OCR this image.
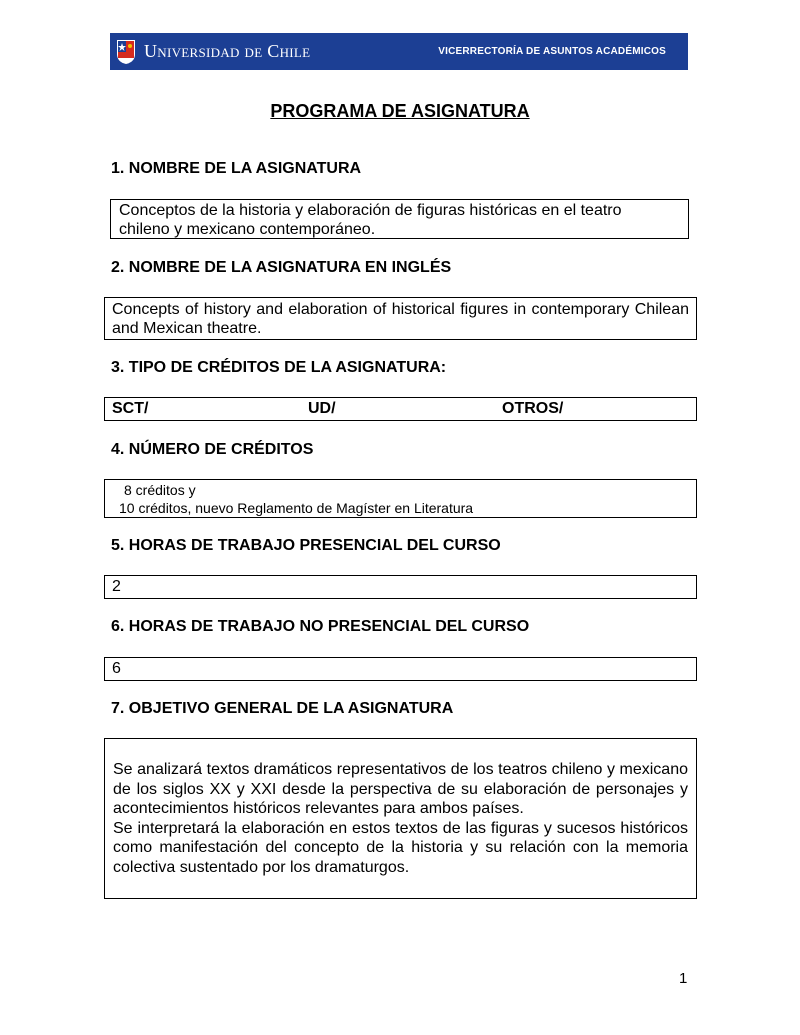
Universidad de Chile	VICERRECTORÍA DE ASUNTOS ACADÉMICOS
PROGRAMA DE ASIGNATURA
1. NOMBRE DE LA ASIGNATURA
Conceptos de la historia y elaboración de figuras históricas en el teatro
chileno y mexicano contemporáneo.
2. NOMBRE DE LA ASIGNATURA EN INGLÉS
Concepts of history and elaboration of historical figures in contemporary Chilean and Mexican theatre.
3. TIPO DE CRÉDITOS DE LA ASIGNATURA:
SCT/	UD/	OTROS/
4. NÚMERO DE CRÉDITOS
8 créditos y
10 créditos, nuevo Reglamento de Magíster en Literatura
5. HORAS DE TRABAJO PRESENCIAL DEL CURSO
2
6. HORAS DE TRABAJO NO PRESENCIAL DEL CURSO
6
7. OBJETIVO GENERAL DE LA ASIGNATURA
Se analizará textos dramáticos representativos de los teatros chileno y mexicano de los siglos XX y XXI desde la perspectiva de su elaboración de personajes y acontecimientos históricos relevantes para ambos países.
Se interpretará la elaboración en estos textos de las figuras y sucesos históricos como manifestación del concepto de la historia y su relación con la memoria colectiva sustentado por los dramaturgos.
1
